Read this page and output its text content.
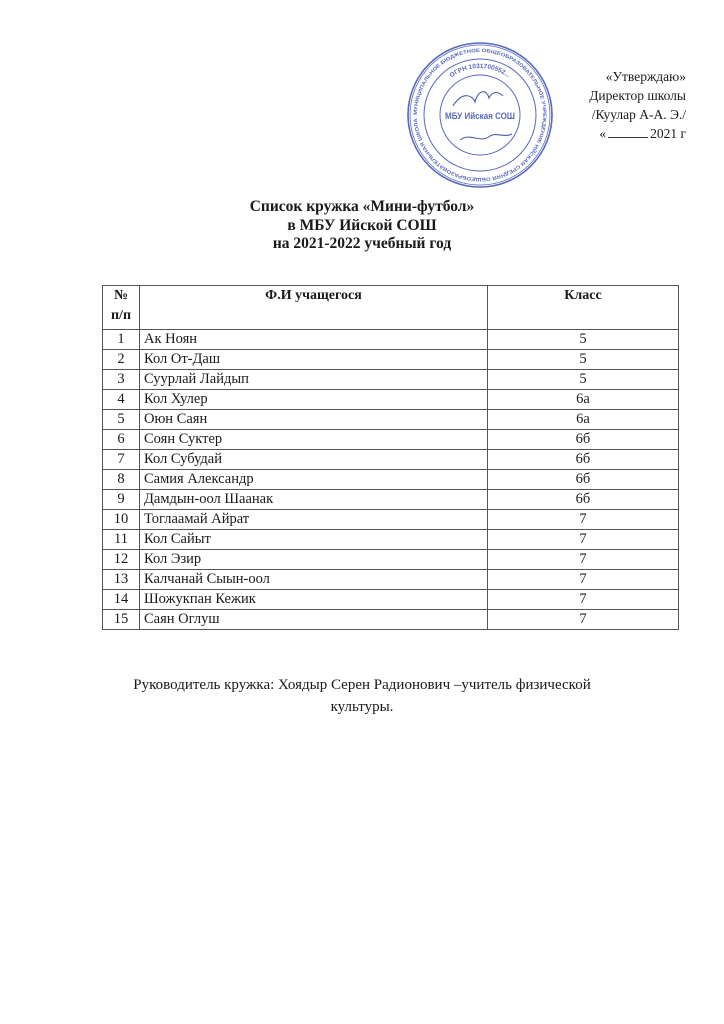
МУНИЦИПАЛЬНОЕ БЮДЖЕТНОЕ ОБЩЕОБРАЗОВАТЕЛЬНОЕ УЧРЕЖДЕНИЕ ИЙСКАЯ СРЕДНЯЯ ОБЩЕОБРАЗОВАТЕЛЬНАЯ ШКОЛА
ОГРН 1031700552...
МБУ Ийская СОШ
«Утверждаю»
Директор школы
/Куулар А-А. Э./
«	2021 г
Список кружка «Мини-футбол»
в МБУ Ийской СОШ
на 2021-2022 учебный год
№
п/п	Ф.И учащегося	Класс
1	Ак Ноян	5
2	Кол От-Даш	5
3	Суурлай Лайдып	5
4	Кол Хулер	6а
5	Оюн Саян	6а
6	Соян Суктер	6б
7	Кол Субудай	6б
8	Самия Александр	6б
9	Дамдын-оол Шаанак	6б
10	Тоглаамай Айрат	7
11	Кол Сайыт	7
12	Кол Эзир	7
13	Калчанай Сыын-оол	7
14	Шожукпан Кежик	7
15	Саян Оглуш	7
Руководитель кружка: Хоядыр Серен Радионович –учитель физической
культуры.
